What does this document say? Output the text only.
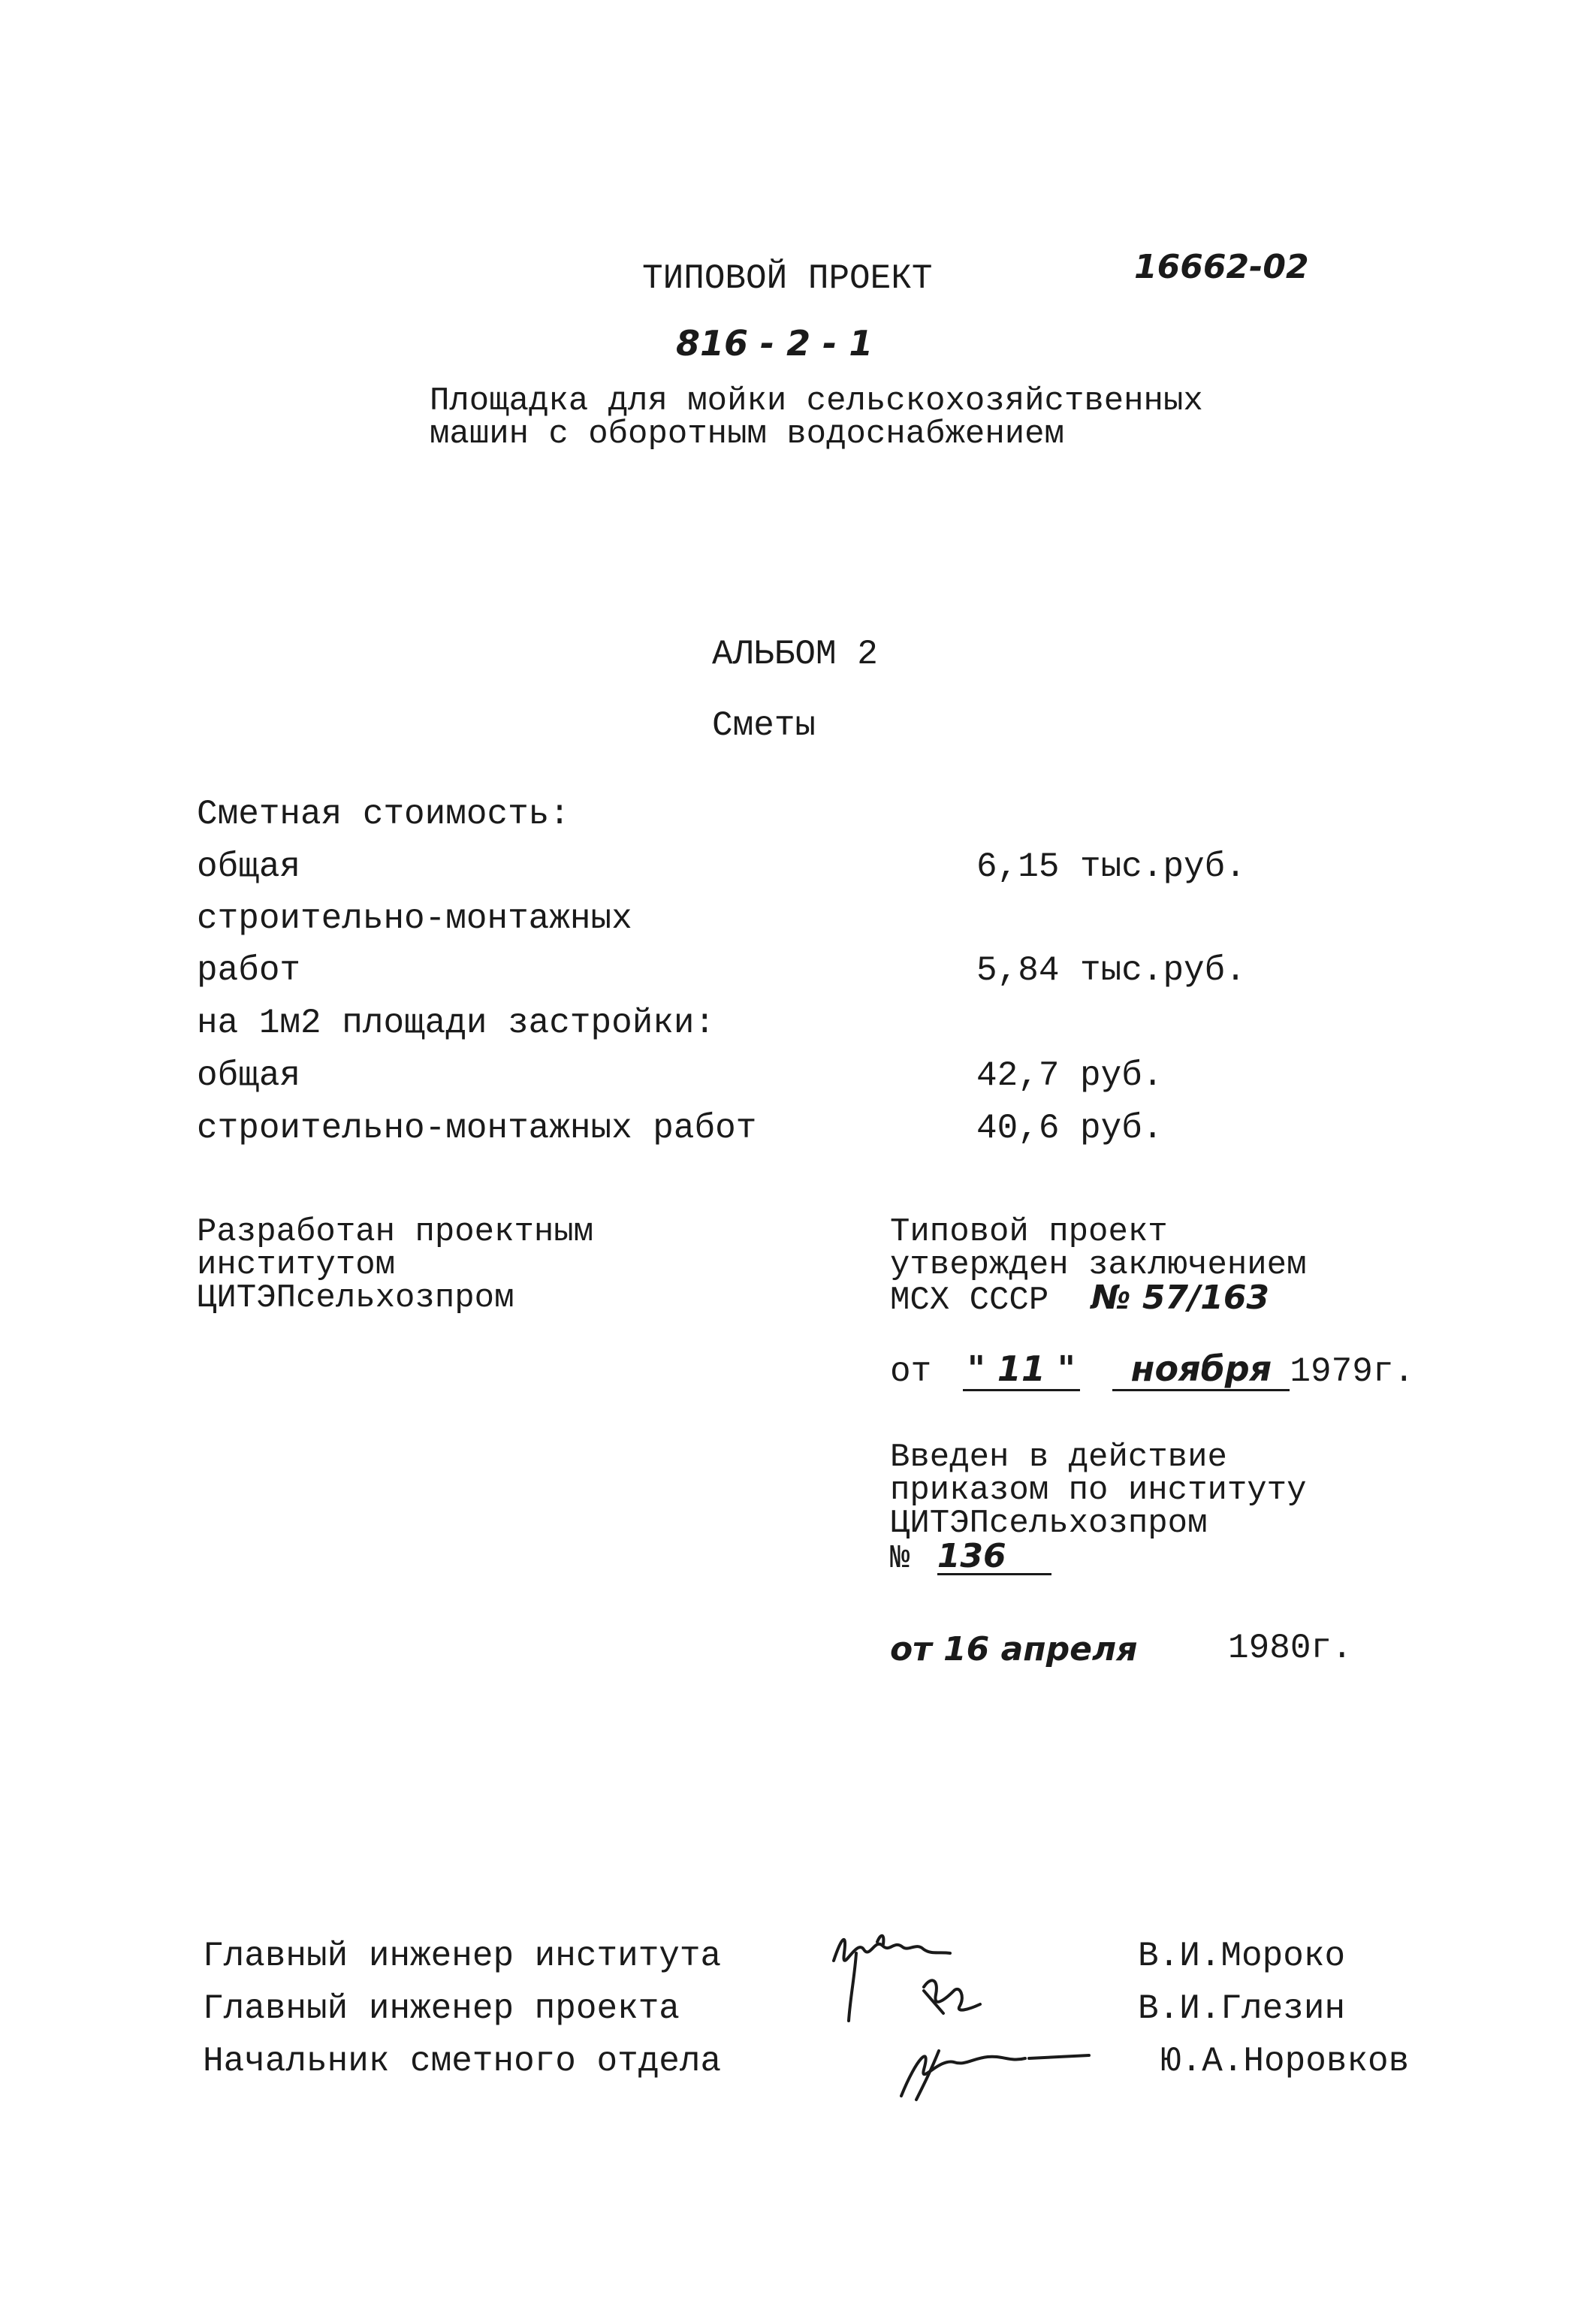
ТИПОВОЙ ПРОЕКТ	16662-02
816 - 2 - 1
Площадка для мойки сельскохозяйственных
машин с оборотным водоснабжением
АЛЬБОМ 2
Сметы
Сметная стоимость:
общая	6,15 тыс.руб.
строительно-монтажных
работ	5,84 тыс.руб.
на 1м2 площади застройки:
общая	42,7 руб.
строительно-монтажных работ	40,6 руб.
Разработан проектным
институтом
ЦИТЭПсельхозпром
Типовой проект
утвержден заключением
МСХ СССР № 57/163
от " 11 " ноября 1979г.
Введен в действие
приказом по институту
ЦИТЭПсельхозпром
№ 136
от 16 апреля	1980г.
Главный инженер института	В.И.Мороко
Главный инженер проекта	В.И.Глезин
Начальник сметного отдела	Ю.А.Норовков
